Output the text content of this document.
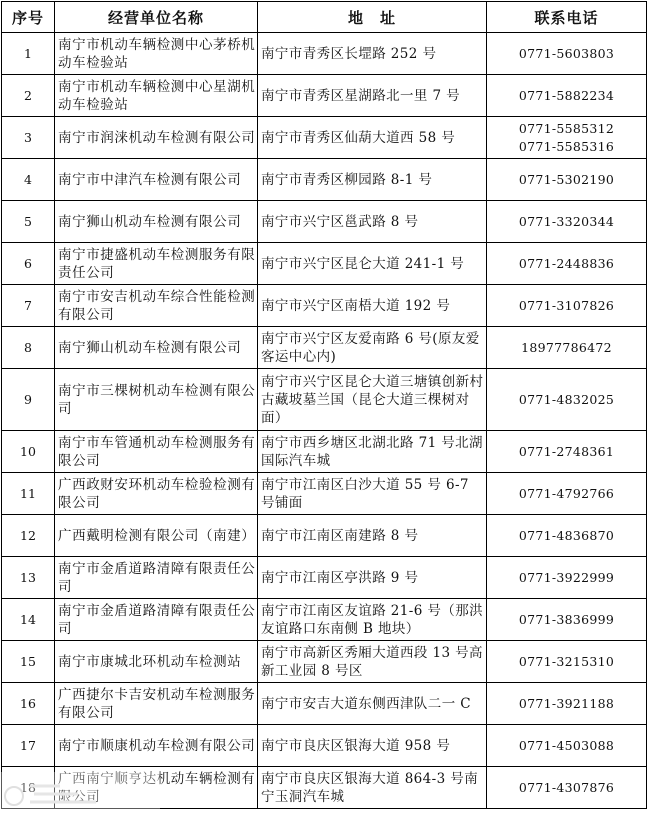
序号	经营单位名称	地　址	联系电话
1	南宁市机动车辆检测中心茅桥机动车检验站	南宁市青秀区长堽路 252 号	0771-5603803

2	南宁市机动车辆检测中心星湖机动车检验站	南宁市青秀区星湖路北一里 7 号	0771-5882234

3	南宁市润涞机动车检测有限公司	南宁市青秀区仙葫大道西 58 号	0771-5585312
0771-5585316

4	南宁市中津汽车检测有限公司	南宁市青秀区柳园路 8-1 号	0771-5302190

5	南宁狮山机动车检测有限公司	南宁市兴宁区邕武路 8 号	0771-3320344

6	南宁市捷盛机动车检测服务有限责任公司	南宁市兴宁区昆仑大道 241-1 号	0771-2448836

7	南宁市安吉机动车综合性能检测有限公司	南宁市兴宁区南梧大道 192 号	0771-3107826

8	南宁狮山机动车检测有限公司	南宁市兴宁区友爱南路 6 号(原友爱客运中心内)	18977786472

9	南宁市三棵树机动车检测有限公司	南宁市兴宁区昆仑大道三塘镇创新村古藏坡墓兰国（昆仑大道三棵树对面）	0771-4832025

10	南宁市车管通机动车检测服务有限公司	南宁市西乡塘区北湖北路 71 号北湖国际汽车城	0771-2748361

11	广西政财安环机动车检验检测有限公司	南宁市江南区白沙大道 55 号 6-7 号铺面	0771-4792766

12	广西戴明检测有限公司（南建）	南宁市江南区南建路 8 号	0771-4836870

13	南宁市金盾道路清障有限责任公司	南宁市江南区亭洪路 9 号	0771-3922999

14	南宁市金盾道路清障有限责任公司	南宁市江南区友谊路 21-6 号（那洪友谊路口东南侧 B 地块）	0771-3836999

15	南宁市康城北环机动车检测站	南宁市高新区秀厢大道西段 13 号高新工业园 8 号区	0771-3215310

16	广西捷尔卡吉安机动车检测服务有限公司	南宁市安吉大道东侧西津队二一 C	0771-3921188

17	南宁市顺康机动车检测有限公司	南宁市良庆区银海大道 958 号	0771-4503088

18	广西南宁顺亨达机动车辆检测有限公司	南宁市良庆区银海大道 864-3 号南宁玉洞汽车城	0771-4307876
